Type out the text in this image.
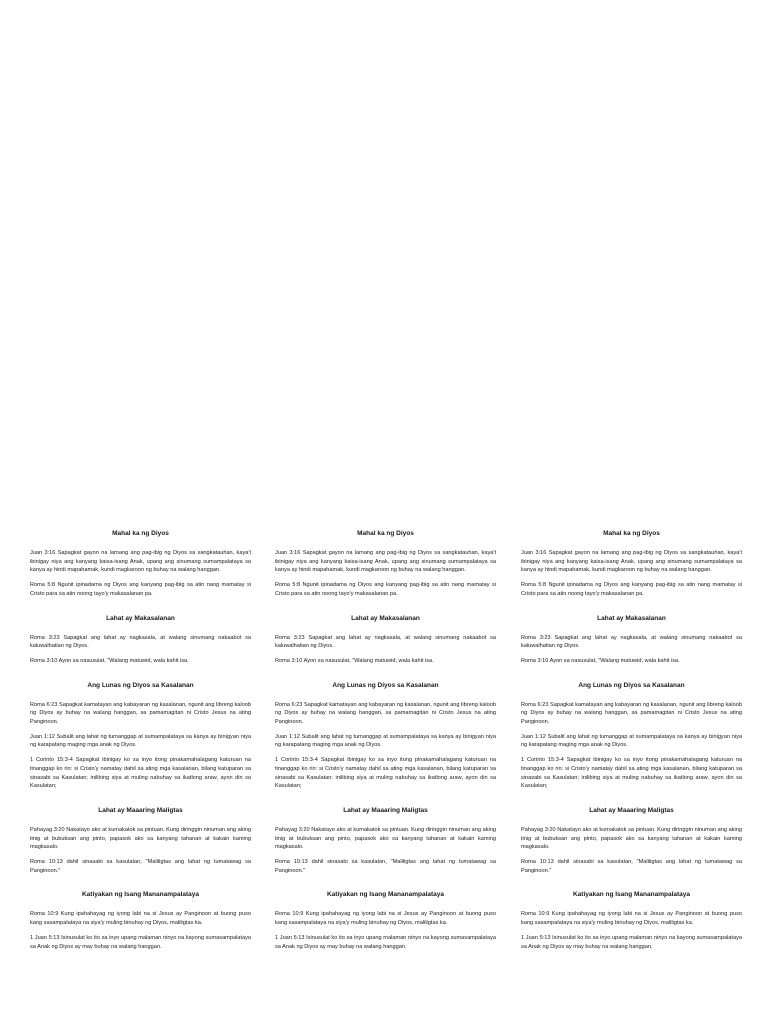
Mahal ka ng Diyos

Juan 3:16 Sapagkat gayon na lamang ang pag-ibig ng Diyos sa sangkatauhan, kaya't ibinigay niya ang kanyang kaisa-isang Anak, upang ang sinumang sumampalataya sa kanya ay hindi mapahamak, kundi magkaroon ng buhay na walang hanggan.

Roma 5:8 Ngunit ipinadama ng Diyos ang kanyang pag-ibig sa atin nang mamatay si Cristo para sa atin noong tayo'y makasalanan pa.

Lahat ay Makasalanan

Roma 3:23 Sapagkat ang lahat ay nagkasala, at walang sinumang nakaabot sa kaluwalhatian ng Diyos.

Roma 3:10 Ayon sa nasusulat, "Walang matuwid, wala kahit isa.

Ang Lunas ng Diyos sa Kasalanan

Roma 6:23 Sapagkat kamatayan ang kabayaran ng kasalanan, ngunit ang libreng kaloob ng Diyos ay buhay na walang hanggan, sa pamamagitan ni Cristo Jesus na ating Panginoon.

Juan 1:12 Subalit ang lahat ng tumanggap at sumampalataya sa kanya ay binigyan niya ng karapatang maging mga anak ng Diyos.

1 Corinto 15:3-4 Sapagkat ibinigay ko sa inyo itong pinakamahalagang katuruan na tinanggap ko rin: si Cristo'y namatay dahil sa ating mga kasalanan, bilang katuparan sa sinasabi sa Kasulatan; inilibing siya at muling nabuhay sa ikatlong araw, ayon din sa Kasulatan;

Lahat ay Maaaring Maligtas

Pahayag 3:20 Nakatayo ako at kumakatok sa pintuan. Kung diringgin ninuman ang aking tinig at bubuksan ang pinto, papasok ako sa kanyang tahanan at kakain kaming magkasalo.

Roma 10:13 dahil sinasabi sa kasulatan, "Maliligtas ang lahat ng tumatawag sa Panginoon."

Katiyakan ng Isang Mananampalataya

Roma 10:9 Kung ipahahayag ng iyong labi na si Jesus ay Panginoon at buong puso kang sasampalataya na siya'y muling binuhay ng Diyos, maliligtas ka.

1 Juan 5:13 Isinusulat ko ito sa inyo upang malaman ninyo na kayong sumasampalataya sa Anak ng Diyos ay may buhay na walang hanggan.

Mahal ka ng Diyos

Juan 3:16 Sapagkat gayon na lamang ang pag-ibig ng Diyos sa sangkatauhan, kaya't ibinigay niya ang kanyang kaisa-isang Anak, upang ang sinumang sumampalataya sa kanya ay hindi mapahamak, kundi magkaroon ng buhay na walang hanggan.

Roma 5:8 Ngunit ipinadama ng Diyos ang kanyang pag-ibig sa atin nang mamatay si Cristo para sa atin noong tayo'y makasalanan pa.

Lahat ay Makasalanan

Roma 3:23 Sapagkat ang lahat ay nagkasala, at walang sinumang nakaabot sa kaluwalhatian ng Diyos.

Roma 3:10 Ayon sa nasusulat, "Walang matuwid, wala kahit isa.

Ang Lunas ng Diyos sa Kasalanan

Roma 6:23 Sapagkat kamatayan ang kabayaran ng kasalanan, ngunit ang libreng kaloob ng Diyos ay buhay na walang hanggan, sa pamamagitan ni Cristo Jesus na ating Panginoon.

Juan 1:12 Subalit ang lahat ng tumanggap at sumampalataya sa kanya ay binigyan niya ng karapatang maging mga anak ng Diyos.

1 Corinto 15:3-4 Sapagkat ibinigay ko sa inyo itong pinakamahalagang katuruan na tinanggap ko rin: si Cristo'y namatay dahil sa ating mga kasalanan, bilang katuparan sa sinasabi sa Kasulatan; inilibing siya at muling nabuhay sa ikatlong araw, ayon din sa Kasulatan;

Lahat ay Maaaring Maligtas

Pahayag 3:20 Nakatayo ako at kumakatok sa pintuan. Kung diringgin ninuman ang aking tinig at bubuksan ang pinto, papasok ako sa kanyang tahanan at kakain kaming magkasalo.

Roma 10:13 dahil sinasabi sa kasulatan, "Maliligtas ang lahat ng tumatawag sa Panginoon."

Katiyakan ng Isang Mananampalataya

Roma 10:9 Kung ipahahayag ng iyong labi na si Jesus ay Panginoon at buong puso kang sasampalataya na siya'y muling binuhay ng Diyos, maliligtas ka.

1 Juan 5:13 Isinusulat ko ito sa inyo upang malaman ninyo na kayong sumasampalataya sa Anak ng Diyos ay may buhay na walang hanggan.

Mahal ka ng Diyos

Juan 3:16 Sapagkat gayon na lamang ang pag-ibig ng Diyos sa sangkatauhan, kaya't ibinigay niya ang kanyang kaisa-isang Anak, upang ang sinumang sumampalataya sa kanya ay hindi mapahamak, kundi magkaroon ng buhay na walang hanggan.

Roma 5:8 Ngunit ipinadama ng Diyos ang kanyang pag-ibig sa atin nang mamatay si Cristo para sa atin noong tayo'y makasalanan pa.

Lahat ay Makasalanan

Roma 3:23 Sapagkat ang lahat ay nagkasala, at walang sinumang nakaabot sa kaluwalhatian ng Diyos.

Roma 3:10 Ayon sa nasusulat, "Walang matuwid, wala kahit isa.

Ang Lunas ng Diyos sa Kasalanan

Roma 6:23 Sapagkat kamatayan ang kabayaran ng kasalanan, ngunit ang libreng kaloob ng Diyos ay buhay na walang hanggan, sa pamamagitan ni Cristo Jesus na ating Panginoon.

Juan 1:12 Subalit ang lahat ng tumanggap at sumampalataya sa kanya ay binigyan niya ng karapatang maging mga anak ng Diyos.

1 Corinto 15:3-4 Sapagkat ibinigay ko sa inyo itong pinakamahalagang katuruan na tinanggap ko rin: si Cristo'y namatay dahil sa ating mga kasalanan, bilang katuparan sa sinasabi sa Kasulatan; inilibing siya at muling nabuhay sa ikatlong araw, ayon din sa Kasulatan;

Lahat ay Maaaring Maligtas

Pahayag 3:20 Nakatayo ako at kumakatok sa pintuan. Kung diringgin ninuman ang aking tinig at bubuksan ang pinto, papasok ako sa kanyang tahanan at kakain kaming magkasalo.

Roma 10:13 dahil sinasabi sa kasulatan, "Maliligtas ang lahat ng tumatawag sa Panginoon."

Katiyakan ng Isang Mananampalataya

Roma 10:9 Kung ipahahayag ng iyong labi na si Jesus ay Panginoon at buong puso kang sasampalataya na siya'y muling binuhay ng Diyos, maliligtas ka.

1 Juan 5:13 Isinusulat ko ito sa inyo upang malaman ninyo na kayong sumasampalataya sa Anak ng Diyos ay may buhay na walang hanggan.
